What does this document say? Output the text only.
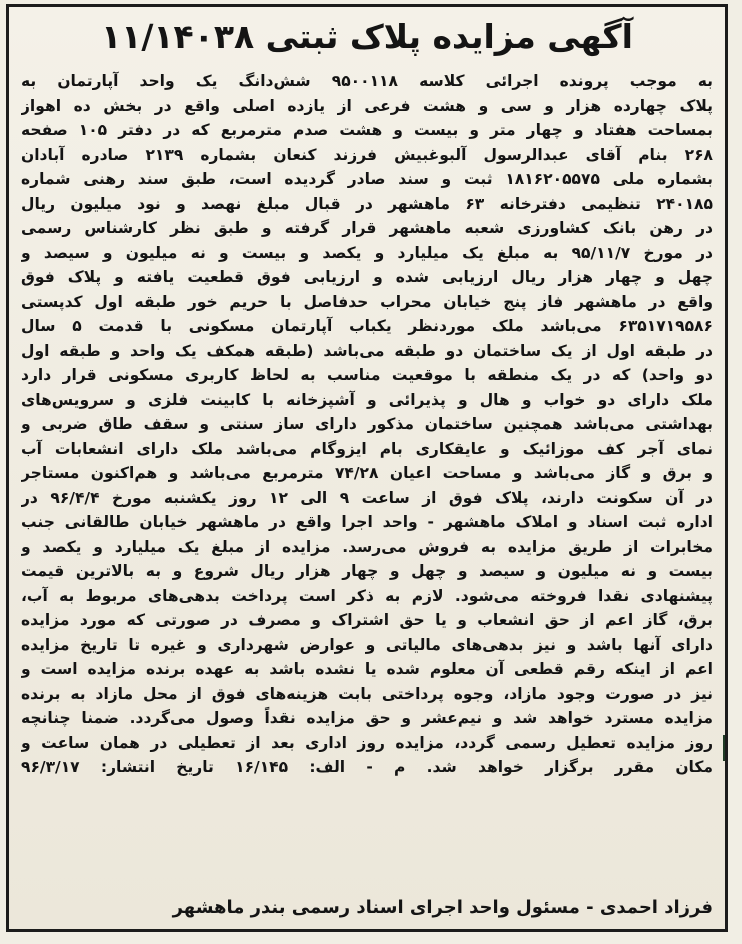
آگهی مزایده پلاک ثبتی ۱۱/۱۴۰۳۸
به موجب پرونده اجرائی کلاسه ۹۵۰۰۱۱۸ شش‌دانگ یک واحد آپارتمان به
پلاک چهارده هزار و سی و هشت فرعی از یازده اصلی واقع در بخش ده اهواز
بمساحت هفتاد و چهار متر و بیست و هشت صدم مترمربع که در دفتر ۱۰۵ صفحه
۲۶۸ بنام آقای عبدالرسول آلبوغبیش فرزند کنعان بشماره ۲۱۳۹ صادره آبادان
بشماره ملی ۱۸۱۶۲۰۵۵۷۵ ثبت و سند صادر گردیده است، طبق سند رهنی شماره
۲۴۰۱۸۵ تنظیمی دفترخانه ۶۳ ماهشهر در قبال مبلغ نهصد و نود میلیون ریال
در رهن بانک کشاورزی شعبه ماهشهر قرار گرفته و طبق نظر کارشناس رسمی
در مورخ ۹۵/۱۱/۷ به مبلغ یک میلیارد و یکصد و بیست و نه میلیون و سیصد و
چهل و چهار هزار ریال ارزیابی شده و ارزیابی فوق قطعیت یافته و پلاک فوق
واقع در ماهشهر فاز پنج خیابان محراب حدفاصل با حریم خور طبقه اول کدپستی
۶۳۵۱۷۱۹۵۸۶ می‌باشد ملک موردنظر یکباب آپارتمان مسکونی با قدمت ۵ سال
در طبقه اول از یک ساختمان دو طبقه می‌باشد (طبقه همکف یک واحد و طبقه اول
دو واحد) که در یک منطقه با موقعیت مناسب به لحاظ کاربری مسکونی قرار دارد
ملک دارای دو خواب و هال و پذیرائی و آشپزخانه با کابینت فلزی و سرویس‌های
بهداشتی می‌باشد همچنین ساختمان مذکور دارای ساز سنتی و سقف طاق ضربی و
نمای آجر کف موزائیک و عایقکاری بام ایزوگام می‌باشد ملک دارای انشعابات آب
و برق و گاز می‌باشد و مساحت اعیان ۷۴/۲۸ مترمربع می‌باشد و هم‌اکنون مستاجر
در آن سکونت دارند، پلاک فوق از ساعت ۹ الی ۱۲ روز یکشنبه مورخ ۹۶/۴/۴ در
اداره ثبت اسناد و املاک ماهشهر - واحد اجرا واقع در ماهشهر خیابان طالقانی جنب
مخابرات از طریق مزایده به فروش می‌رسد. مزایده از مبلغ یک میلیارد و یکصد و
بیست و نه میلیون و سیصد و چهل و چهار هزار ریال شروع و به بالاترین قیمت
پیشنهادی نقدا فروخته می‌شود. لازم به ذکر است پرداخت بدهی‌های مربوط به آب،
برق، گاز اعم از حق انشعاب و یا حق اشتراک و مصرف در صورتی که مورد مزایده
دارای آنها باشد و نیز بدهی‌های مالیاتی و عوارض شهرداری و غیره تا تاریخ مزایده
اعم از اینکه رقم قطعی آن معلوم شده یا نشده باشد به عهده برنده مزایده است و
نیز در صورت وجود مازاد، وجوه پرداختی بابت هزینه‌های فوق از محل مازاد به برنده
مزایده مسترد خواهد شد و نیم‌عشر و حق مزایده نقداً وصول می‌گردد. ضمنا چنانچه
روز مزایده تعطیل رسمی گردد، مزایده روز اداری بعد از تعطیلی در همان ساعت و
مکان مقرر برگزار خواهد شد. م - الف: ۱۶/۱۴۵ تاریخ انتشار: ۹۶/۳/۱۷
فرزاد احمدی - مسئول واحد اجرای اسناد رسمی بندر ماهشهر
